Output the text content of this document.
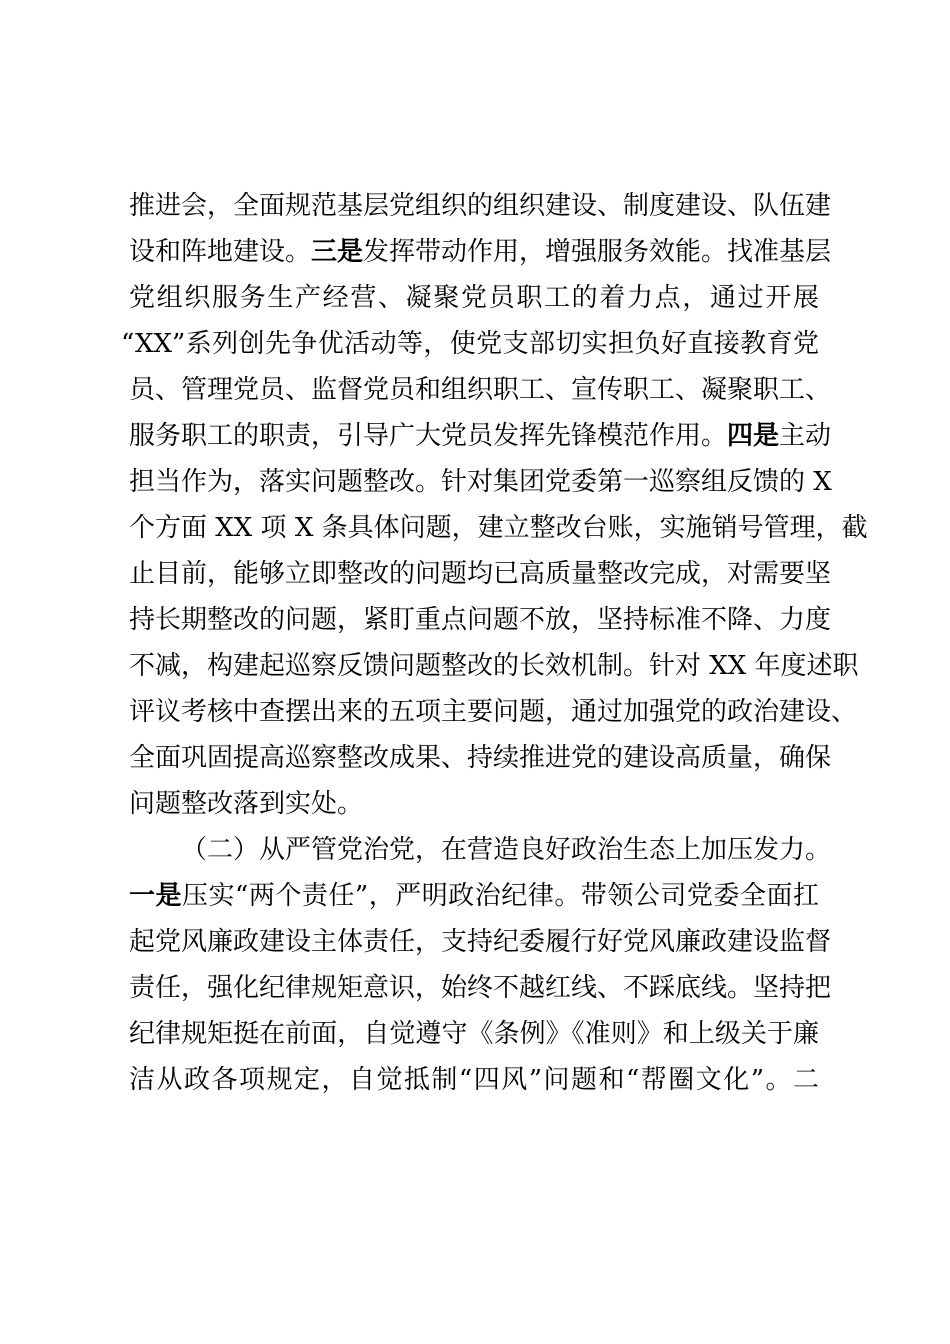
推进会，全面规范基层党组织的组织建设、制度建设、队伍建
设和阵地建设。三是发挥带动作用，增强服务效能。找准基层
党组织服务生产经营、凝聚党员职工的着力点，通过开展
“XX”系列创先争优活动等，使党支部切实担负好直接教育党
员、管理党员、监督党员和组织职工、宣传职工、凝聚职工、
服务职工的职责，引导广大党员发挥先锋模范作用。四是主动
担当作为，落实问题整改。针对集团党委第一巡察组反馈的 X
个方面 XX 项 X 条具体问题，建立整改台账，实施销号管理，截
止目前，能够立即整改的问题均已高质量整改完成，对需要坚
持长期整改的问题，紧盯重点问题不放，坚持标准不降、力度
不减，构建起巡察反馈问题整改的长效机制。针对 XX 年度述职
评议考核中查摆出来的五项主要问题，通过加强党的政治建设、
全面巩固提高巡察整改成果、持续推进党的建设高质量，确保
问题整改落到实处。
（二）从严管党治党，在营造良好政治生态上加压发力。
一是压实“两个责任”，严明政治纪律。带领公司党委全面扛
起党风廉政建设主体责任，支持纪委履行好党风廉政建设监督
责任，强化纪律规矩意识，始终不越红线、不踩底线。坚持把
纪律规矩挺在前面，自觉遵守《条例》《准则》和上级关于廉
洁从政各项规定，自觉抵制“四风”问题和“帮圈文化”。二
